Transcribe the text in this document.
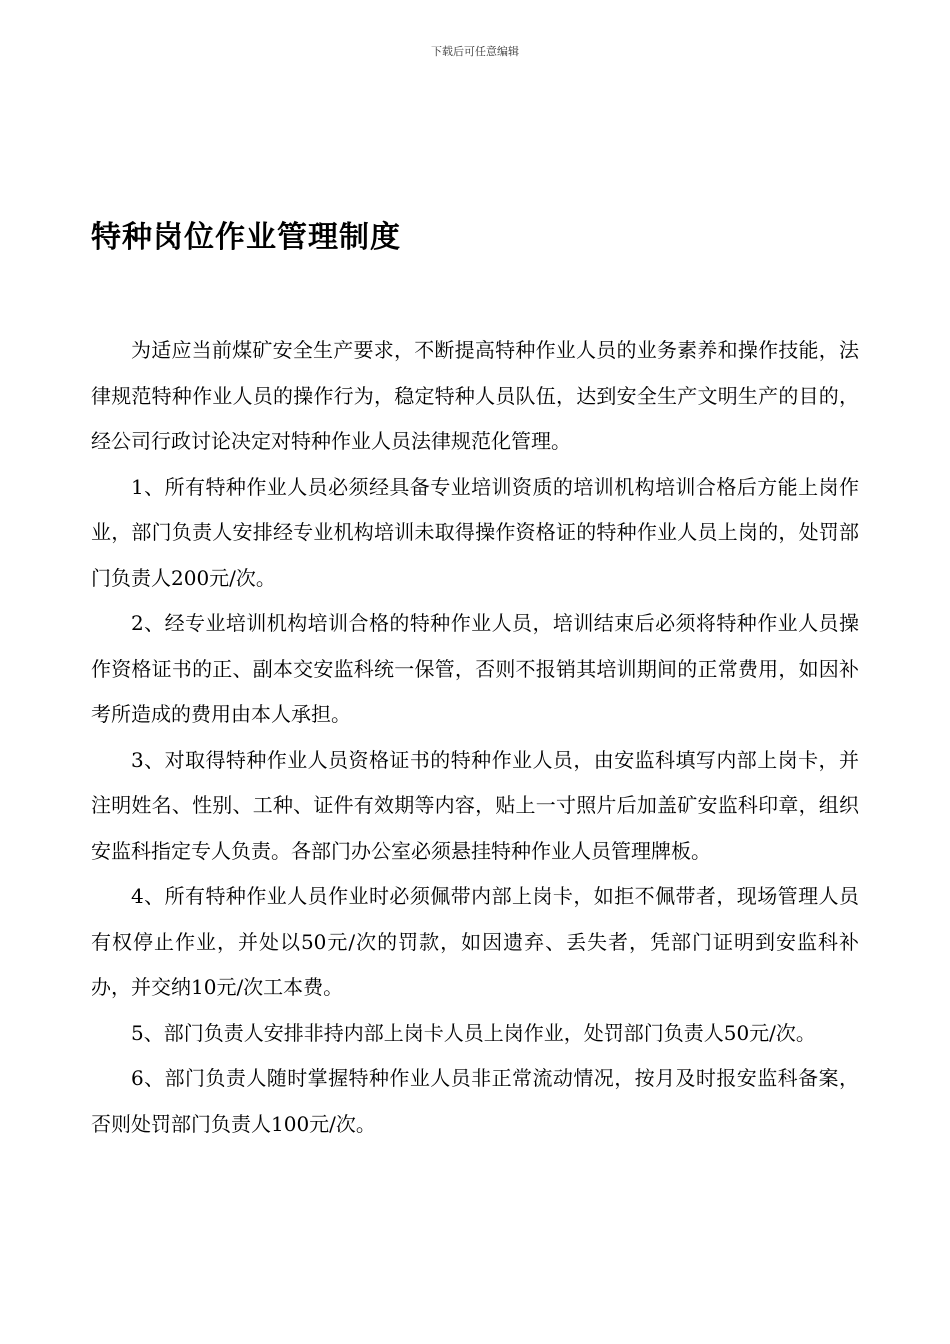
下载后可任意编辑
特种岗位作业管理制度

为适应当前煤矿安全生产要求，不断提高特种作业人员的业务素养和操作技能，法律规范特种作业人员的操作行为，稳定特种人员队伍，达到安全生产文明生产的目的，经公司行政讨论决定对特种作业人员法律规范化管理。

1、所有特种作业人员必须经具备专业培训资质的培训机构培训合格后方能上岗作业，部门负责人安排经专业机构培训未取得操作资格证的特种作业人员上岗的，处罚部门负责人200元/次。

2、经专业培训机构培训合格的特种作业人员，培训结束后必须将特种作业人员操作资格证书的正、副本交安监科统一保管，否则不报销其培训期间的正常费用，如因补考所造成的费用由本人承担。

3、对取得特种作业人员资格证书的特种作业人员，由安监科填写内部上岗卡，并注明姓名、性别、工种、证件有效期等内容，贴上一寸照片后加盖矿安监科印章，组织安监科指定专人负责。各部门办公室必须悬挂特种作业人员管理牌板。

4、所有特种作业人员作业时必须佩带内部上岗卡，如拒不佩带者，现场管理人员有权停止作业，并处以50元/次的罚款，如因遗弃、丢失者，凭部门证明到安监科补办，并交纳10元/次工本费。

5、部门负责人安排非持内部上岗卡人员上岗作业，处罚部门负责人50元/次。

6、部门负责人随时掌握特种作业人员非正常流动情况，按月及时报安监科备案，否则处罚部门负责人100元/次。
